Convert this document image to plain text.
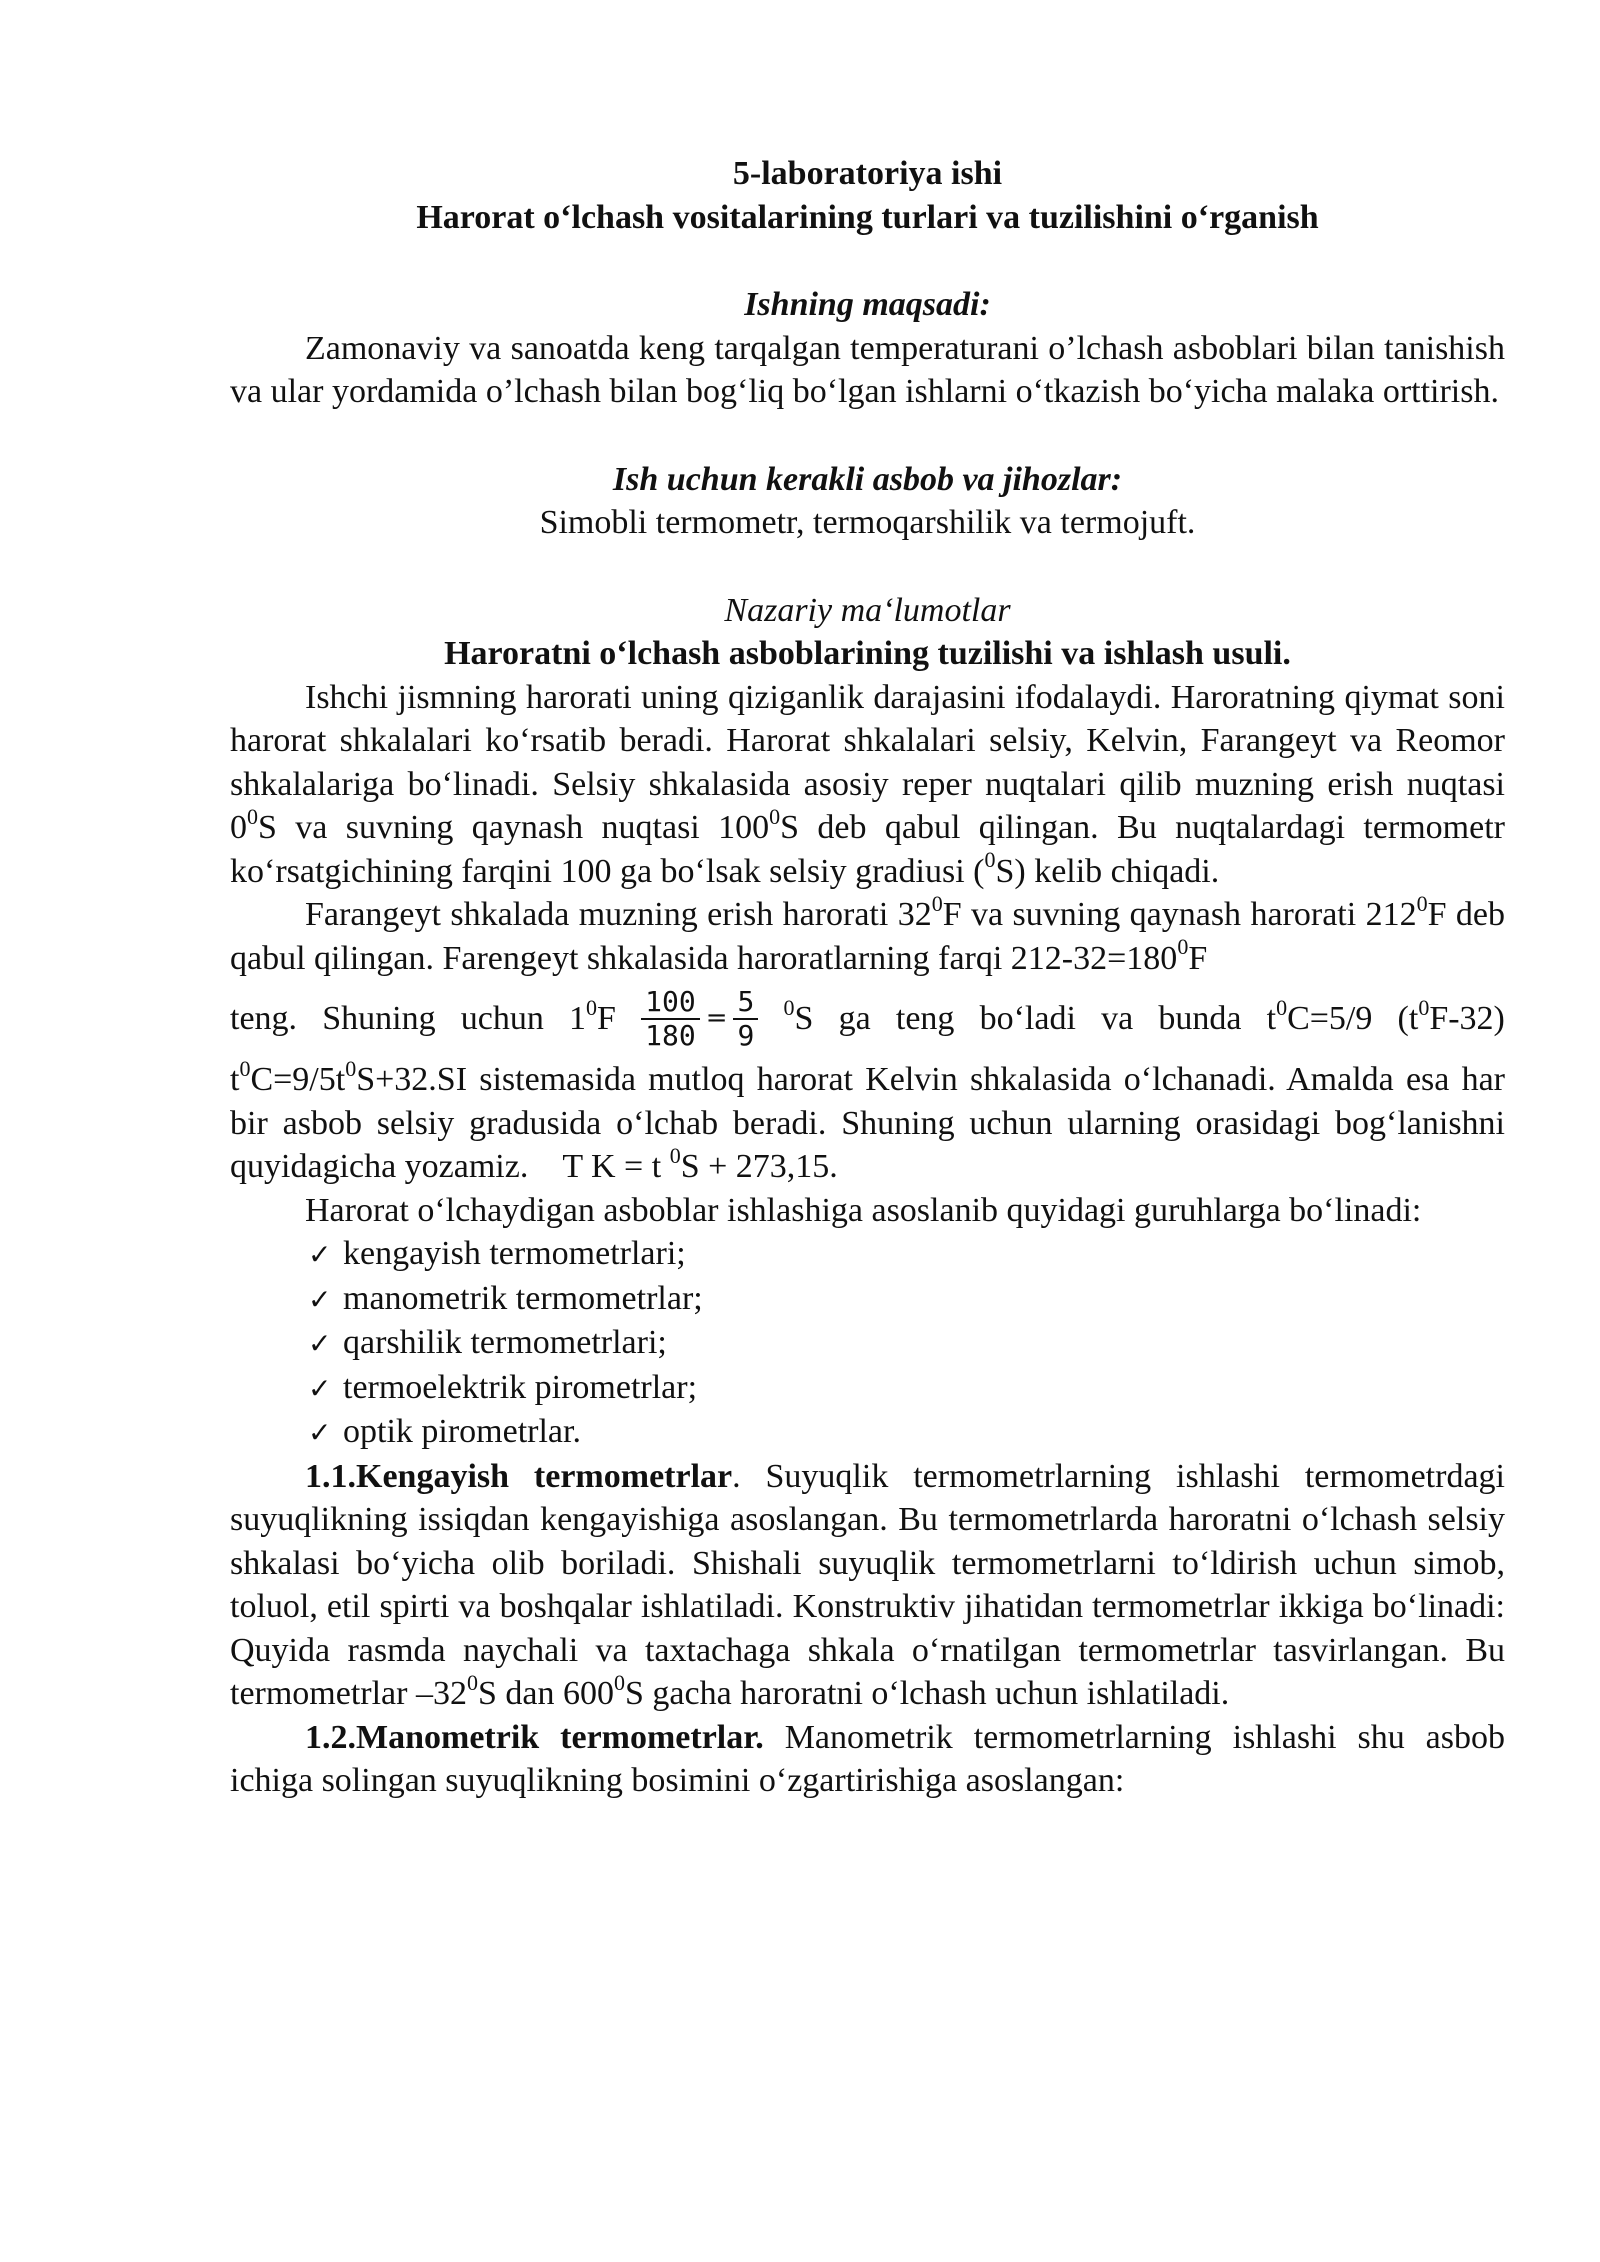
5-laboratoriya ishi
Harorat o‘lchash vositalarining turlari va tuzilishini o‘rganish
Ishning maqsadi:
Zamonaviy va sanoatda keng tarqalgan temperaturani o’lchash asboblari bilan tanishish va ular yordamida o’lchash bilan bog‘liq bo‘lgan ishlarni o‘tkazish bo‘yicha malaka orttirish.
Ish uchun kerakli asbob va jihozlar:
Simobli termometr, termoqarshilik va termojuft.
Nazariy ma‘lumotlar
Haroratni o‘lchash asboblarining tuzilishi va ishlash usuli.
Ishchi jismning harorati uning qiziganlik darajasini ifodalaydi. Haroratning qiymat soni harorat shkalalari ko‘rsatib beradi. Harorat shkalalari selsiy, Kelvin, Farangeyt va Reomor shkalalariga bo‘linadi. Selsiy shkalasida asosiy reper nuqtalari qilib muzning erish nuqtasi $0^0S$ va suvning qaynash nuqtasi $100^0S$ deb qabul qilingan. Bu nuqtalardagi termometr ko‘rsatgichining farqini 100 ga bo‘lsak selsiy gradiusi ($^0$S) kelib chiqadi.
Farangeyt shkalada muzning erish harorati $32^0F$ va suvning qaynash harorati $212^0F$ deb qabul qilingan. Farengeyt shkalasida haroratlarning farqi $212-32=180^0F$
teng. Shuning uchun $1^0F \frac{100}{180} = \frac{5}{9} ^0S$ ga teng bo‘ladi va bunda $t^0C=5/9$ $(t^0F-32)$
$t^0C=9/5t^0S+32.SI$ sistemasida mutloq harorat Kelvin shkalasida o‘lchanadi. Amalda esa har bir asbob selsiy gradusida o‘lchab beradi. Shuning uchun ularning orasidagi bog‘lanishni quyidagicha yozamiz. T K = t $^0$S + 273,15.
Harorat o‘lchaydigan asboblar ishlashiga asoslanib quyidagi guruhlarga bo‘linadi:
✓ kengayish termometrlari;
✓ manometrik termometrlar;
✓ qarshilik termometrlari;
✓ termoelektrik pirometrlar;
✓ optik pirometrlar.
1.1.Kengayish termometrlar. Suyuqlik termometrlarning ishlashi termometrdagi suyuqlikning issiqdan kengayishiga asoslangan. Bu termometrlarda haroratni o‘lchash selsiy shkalasi bo‘yicha olib boriladi. Shishali suyuqlik termometrlarni to‘ldirish uchun simob, toluol, etil spirti va boshqalar ishlatiladi. Konstruktiv jihatidan termometrlar ikkiga bo‘linadi: Quyida rasmda naychali va taxtachaga shkala o‘rnatilgan termometrlar tasvirlangan. Bu termometrlar $-32^0S$ dan $600^0S$ gacha haroratni o‘lchash uchun ishlatiladi.
1.2.Manometrik termometrlar. Manometrik termometrlarning ishlashi shu asbob ichiga solingan suyuqlikning bosimini o‘zgartirishiga asoslangan:
